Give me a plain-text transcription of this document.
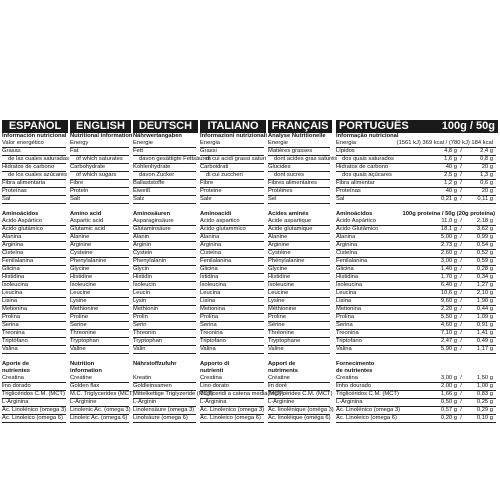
ESPAÑOL
Información nutricional
Valor energético
Grasas
de las cuales saturadas
Hidratos de carbono
de los cuales azúcares
Fibra alimentaria
Proteínas
Sal
Aminoácidos
Ácido Aspártico
Ácido glutámico
Alanina
Arginina
Cisteína
Fenilalanina
Glicina
Histidina
Isoleucina
Leucina
Lisina
Metionina
Prolina
Serina
Treonina
Triptófano
Valina
Aporte de
nutrientes
Creatina
lino dorado
Triglicéridos C.M. (MCT)
L-Arginina
Ac. Linolénico (omega 3)
Ac. Linoleico (omega 6)
ENGLISH
Nutritional information
Energy
Fat
of which saturates
Carbohydrate
of which sugars
Fibre
Protein
Salt
Amino acid
Aspartic acid
Glutamic acid
Alanine
Arginine
Cysteine
Phenylalanine
Glycine
Histidine
Isoleucine
Leucine
Lysine
Methionine
Proline
Serine
Threonine
Tryptophan
Valine
Nutrition
information
Creatine
Golden flax
M.C. Triglycerides (MCT)
L-Arginine
Linolenic Ac. (omega 3)
Linoleic Ac. (omega 6)
DEUTSCH
Nährwertangaben
Energie
Fett
davon gesättigte Fettsäuren
Kohlenhydrate
davon Zucker
Ballaststoffe
Eiweiß
Salz
Aminosäuren
Asparaginsäure
Glutaminsäure
Alanin
Arginin
Cystein
Phenylalanin
Glycin
Histidin
Isoleucin
Leucin
Lysin
Methionin
Prolin
Serin
Threonin
Tryptophan
Valin
Nährstoffzufuhr
Kreatin
Goldleinsamen
Mittelkettige Triglyzeride (MCT)
L-Arginin
Linolensäure (omega 3)
Linolsäure (omega 6)
ITALIANO
Informazioni nutrizionali
Energia
Grassi
di cui acidi grassi saturi
Carboidrati
di cui zuccheri
Fibre
Proteine
Sale
Aminoacidi
Acido aspartico
Acido glutammico
Alanina
Arginina
Cisteina
Fenilalanina
Glicina
Istidina
Isoleucina
Leucina
Lisina
Metionina
Prolina
Serina
Treonina
Triptofano
Valina
Apporto di
nutrienti
Creatina
Lino dorato
Trigliceridi a catena media(MCT)
L-Arginina
Ac. Linolenico (omega 3)
Ac. Linoleico (omega 6)
FRANÇAIS
Analyse Nutritionelle
Energie
Matières grasses
dont acides gras saturés
Glucides
dont sucres
Fibres alimentaires
Protéines
Sel
Acides aminés
Acide aspartique
Acide glutamique
Alanine
Arginine
Cystéine
Phénylalanine
Glycine
Histidine
Isoleucine
Leucine
Lysine
Méthionine
Proline
Sérine
Thréonine
Tryptophane
Valine
Apport de
nutriments
Créatine
lin doré
Triglycérides C.M. (MCT)
L-Arginine
Ac. linolénique (oméga 3)
Ac. linoléique (oméga 6)
PORTUGUÊS	100g / 50g
Informação nutricional
Energia	(1561 kJ) 369 kcal / (780 kJ) 184 kcal
Lípidos	4,8 g /	2,4 g
dos quais saturados	1,6 g /	0,8 g
Hidratos de carbono	40 g /	20 g
dos quais açúcares	2,5 g /	1,3 g
Fibra alimentar	1,2 g /	0,6 g
Proteínas	40 g /	20 g
Sal	0,21 g /	0,11 g
Aminoácidos	100g proteína / 50g (20g proteína)
Ácido Aspártico	11,0 g /	2,18 g
Ácido Glutâmico	18,1 g /	3,62 g
Alanina	5,00 g /	0,99 g
Arginina	2,73 g /	0,54 g
Cisteína	2,60 g /	0,52 g
Fenilalanina	3,00 g /	0,59 g
Glicina	1,40 g /	0,28 g
Histidina	1,70 g /	0,34 g
Isoleucina	6,40 g /	1,27 g
Leucina	10,6 g /	2,10 g
Lisina	9,60 g /	1,90 g
Metionina	2,20 g /	0,44 g
Prolina	5,50 g /	1,09 g
Serina	4,60 g /	0,91 g
Treonina	7,10 g /	1,41 g
Triptofano	2,47 g /	0,49 g
Valina	5,90 g /	1,17 g
Fornecimento
de nutrientes
Creatina	3,00 g /	1,50 g
linho dourado	2,00 g /	1,00 g
Triglicéridos C.M. (MCT)	1,66 g /	0,83 g
L-Arginina	0,50 g /	0,25 g
Ac. Linolénico (omega 3)	0,57 g /	0,29 g
Ac. Linoleico (omega 6)	0,20 g /	0,10 g
